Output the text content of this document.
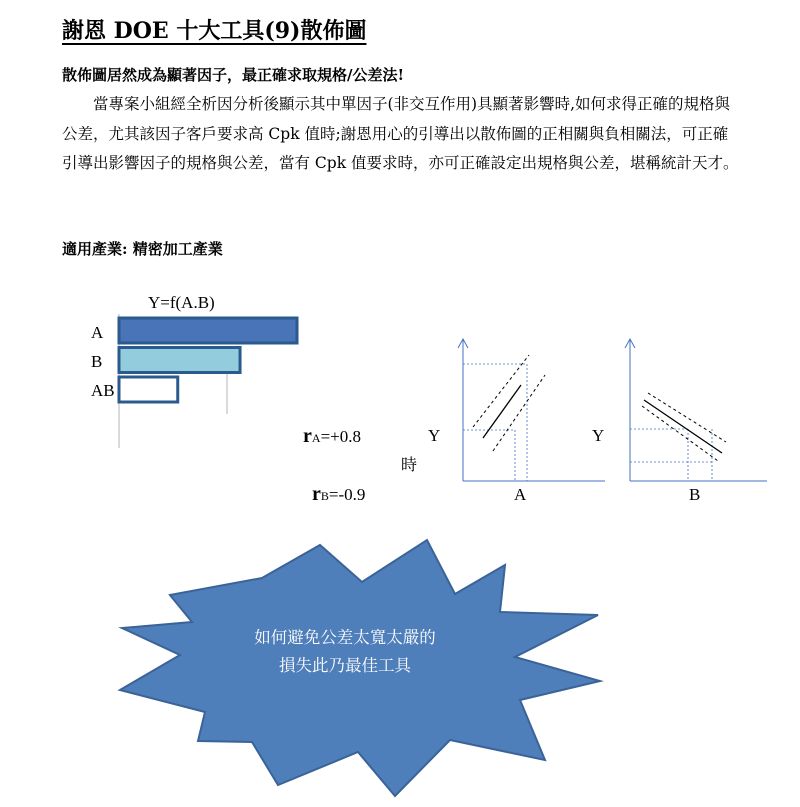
謝恩 DOE 十大工具(9)散佈圖
散佈圖居然成為顯著因子，最正確求取規格/公差法!

當專案小組經全析因分析後顯示其中單因子(非交互作用)具顯著影響時,如何求得正確的規格與公差，尤其該因子客戶要求高 Cpk 值時;謝恩用心的引導出以散佈圖的正相關與負相關法，可正確引導出影響因子的規格與公差，當有 Cpk 值要求時，亦可正確設定出規格與公差，堪稱統計天才。

適用產業: 精密加工產業
Y=f(A.B)
A
B
AB
rA=+0.8
rB=-0.9
時
Y
A
Y
B
如何避免公差太寬太嚴的損失此乃最佳工具
